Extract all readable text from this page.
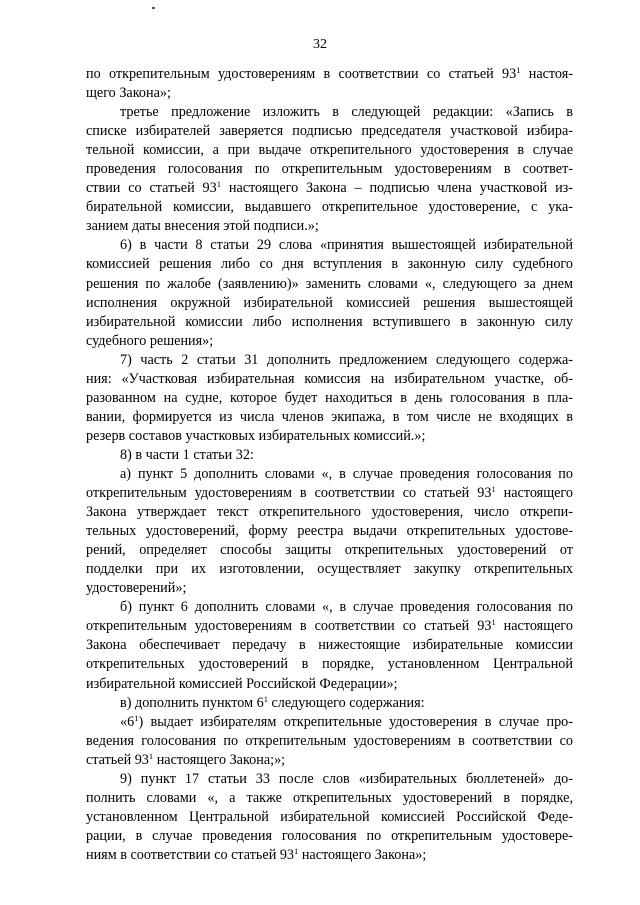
32
по открепительным удостоверениям в соответствии со статьей $93^1$ настоя-
щего Закона»;
третье предложение изложить в следующей редакции: «Запись в
списке избирателей заверяется подписью председателя участковой избира-
тельной комиссии, а при выдаче открепительного удостоверения в случае
проведения голосования по открепительным удостоверениям в соответ-
ствии со статьей $93^1$ настоящего Закона – подписью члена участковой из-
бирательной комиссии, выдавшего открепительное удостоверение, с ука-
занием даты внесения этой подписи.»;
6) в части 8 статьи 29 слова «принятия вышестоящей избирательной
комиссией решения либо со дня вступления в законную силу судебного
решения по жалобе (заявлению)» заменить словами «, следующего за днем
исполнения окружной избирательной комиссией решения вышестоящей
избирательной комиссии либо исполнения вступившего в законную силу
судебного решения»;
7) часть 2 статьи 31 дополнить предложением следующего содержа-
ния: «Участковая избирательная комиссия на избирательном участке, об-
разованном на судне, которое будет находиться в день голосования в пла-
вании, формируется из числа членов экипажа, в том числе не входящих в
резерв составов участковых избирательных комиссий.»;
8) в части 1 статьи 32:
а) пункт 5 дополнить словами «, в случае проведения голосования по
открепительным удостоверениям в соответствии со статьей $93^1$ настоящего
Закона утверждает текст открепительного удостоверения, число открепи-
тельных удостоверений, форму реестра выдачи открепительных удостове-
рений, определяет способы защиты открепительных удостоверений от
подделки при их изготовлении, осуществляет закупку открепительных
удостоверений»;
б) пункт 6 дополнить словами «, в случае проведения голосования по
открепительным удостоверениям в соответствии со статьей $93^1$ настоящего
Закона обеспечивает передачу в нижестоящие избирательные комиссии
открепительных удостоверений в порядке, установленном Центральной
избирательной комиссией Российской Федерации»;
в) дополнить пунктом $6^1$ следующего содержания:
«$6^1$) выдает избирателям открепительные удостоверения в случае про-
ведения голосования по открепительным удостоверениям в соответствии со
статьей $93^1$ настоящего Закона;»;
9) пункт 17 статьи 33 после слов «избирательных бюллетеней» до-
полнить словами «, а также открепительных удостоверений в порядке,
установленном Центральной избирательной комиссией Российской Феде-
рации, в случае проведения голосования по открепительным удостовере-
ниям в соответствии со статьей $93^1$ настоящего Закона»;
